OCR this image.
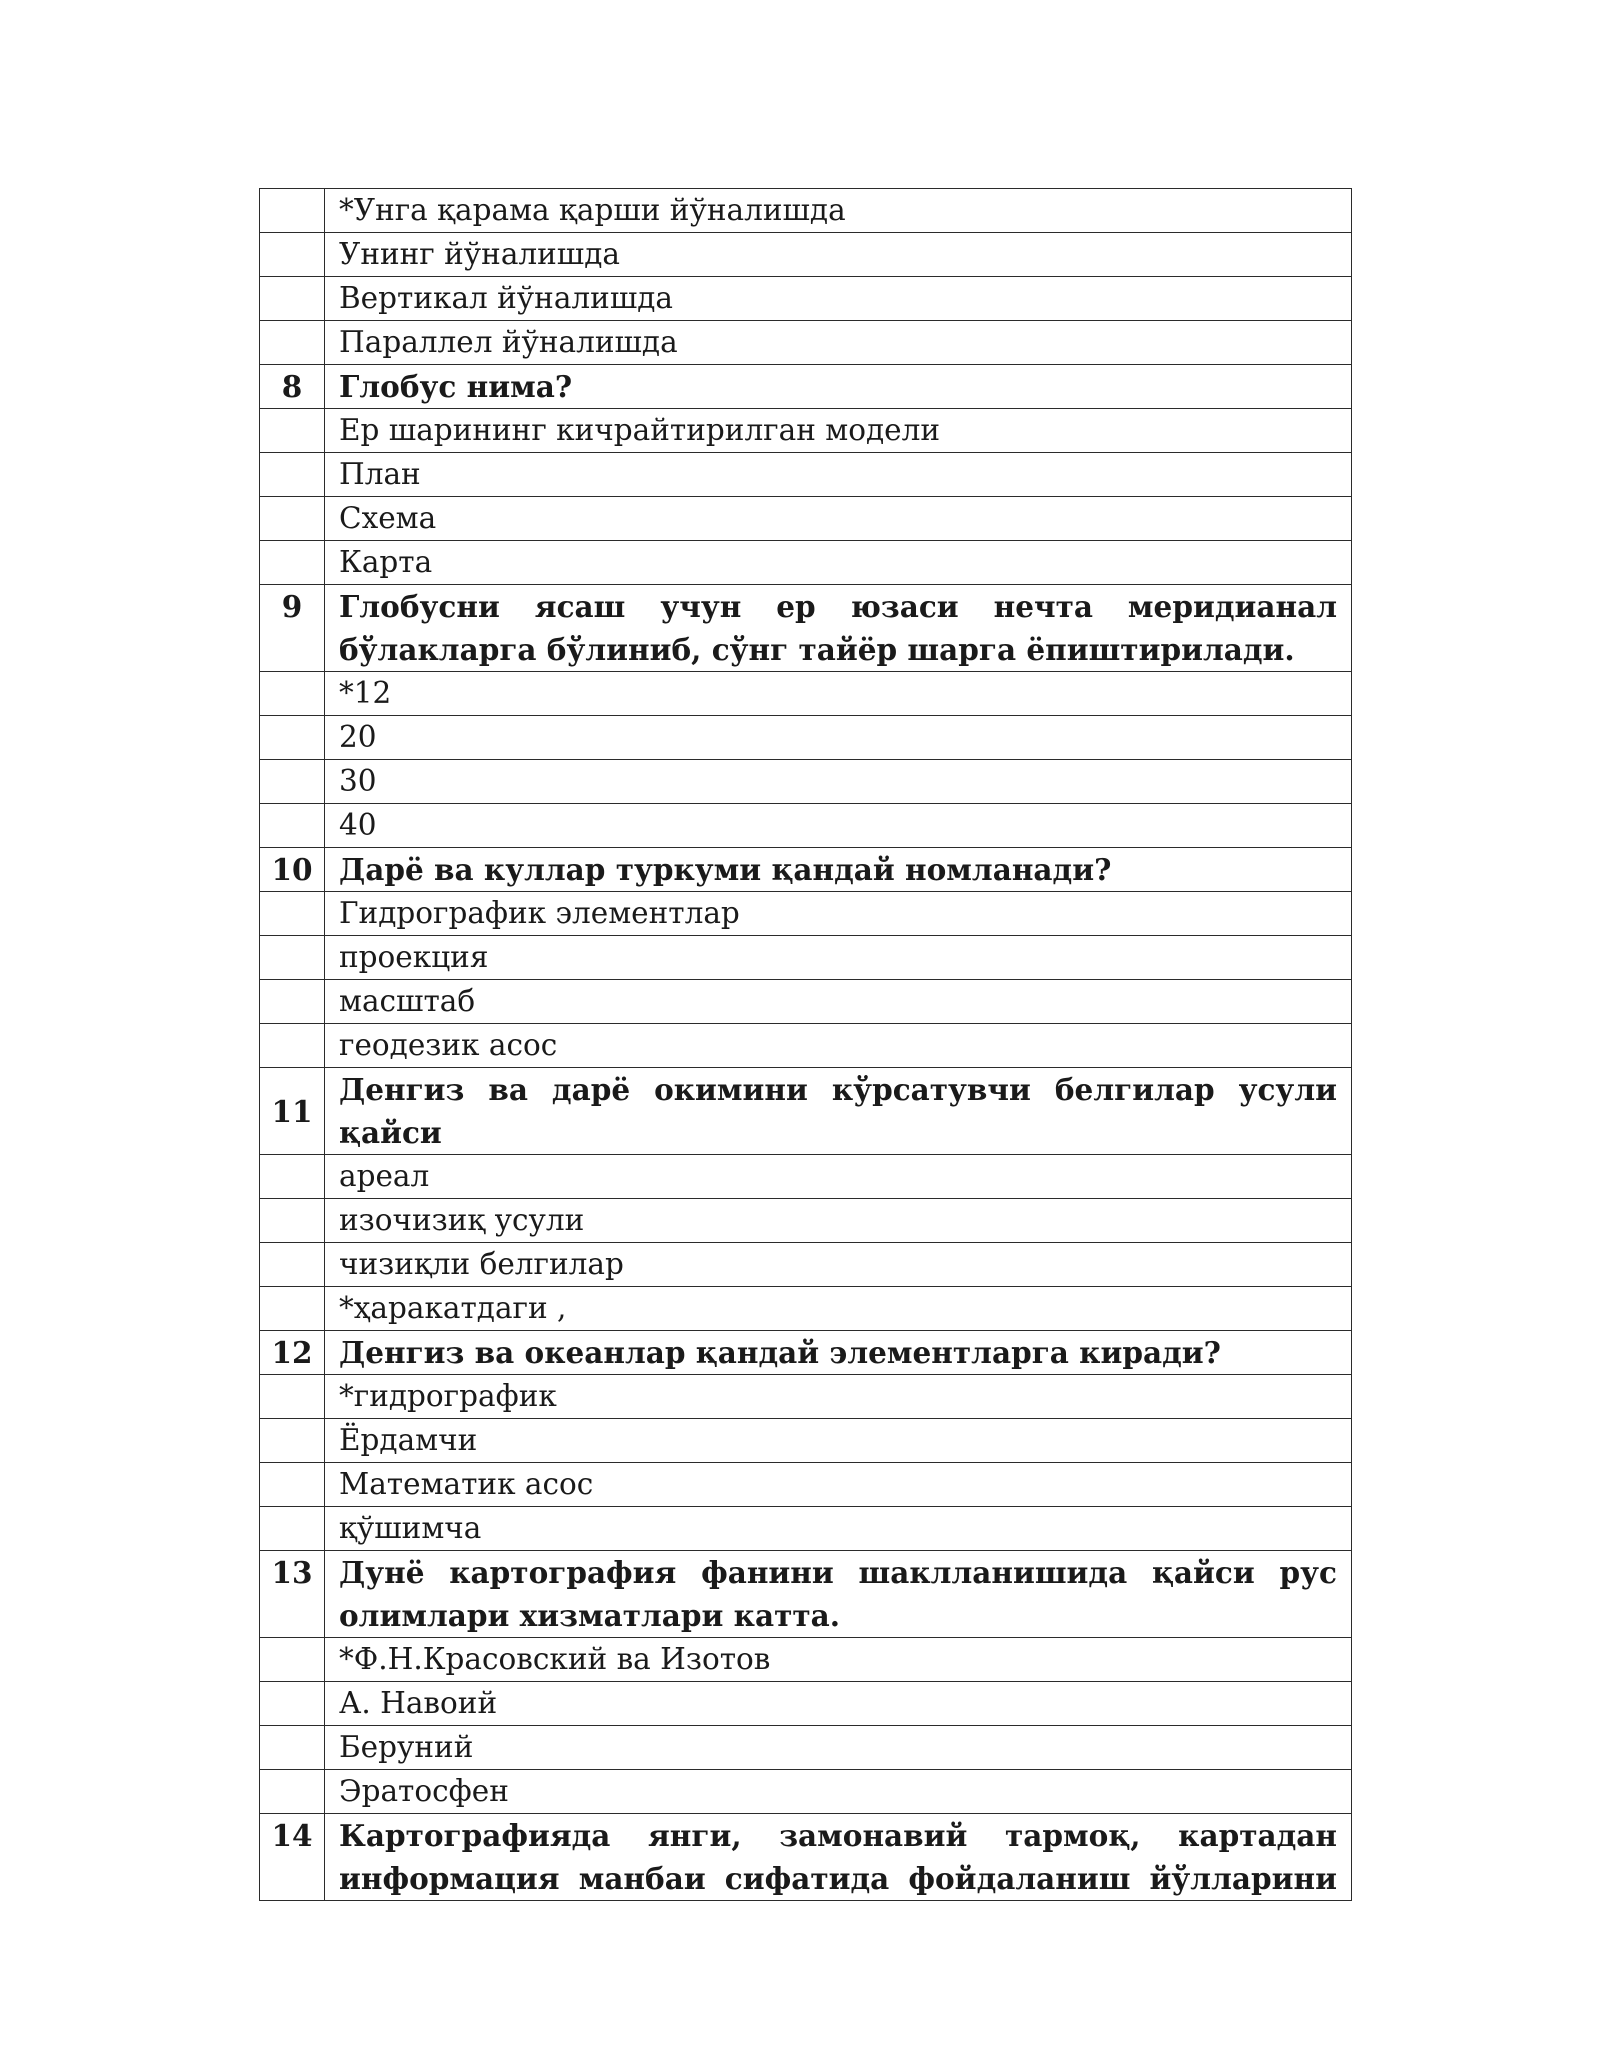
	*Унга қарама қарши йўналишда
	Унинг йўналишда
	Вертикал йўналишда
	Параллел йўналишда
8	Глобус нима?
	Ер шарининг кичрайтирилган модели
	План
	Схема
	Карта
9	Глобусни ясаш учун ер юзаси нечта меридианал
бўлакларга бўлиниб, сўнг тайёр шарга ёпиштирилади.

	*12
	20
	30
	40
10	Дарё ва куллар туркуми қандай номланади?
	Гидрографик элементлар
	проекция
	масштаб
	геодезик асос
11	Денгиз ва дарё окимини кўрсатувчи белгилар усули қайси
	ареал
	изочизиқ усули
	чизиқли белгилар
	*ҳаракатдаги ,
12	Денгиз ва океанлар қандай элементларга киради?
	*гидрографик
	Ёрдамчи
	Математик асос
	қўшимча
13	Дунё картография фанини шаклланишида қайси рус
олимлари хизматлари катта.

	*Ф.Н.Красовский ва Изотов
	А. Навоий
	Беруний
	Эратосфен
14	Картографияда янги, замонавий тармоқ, картадан
информация манбаи сифатида фойдаланиш йўлларини
